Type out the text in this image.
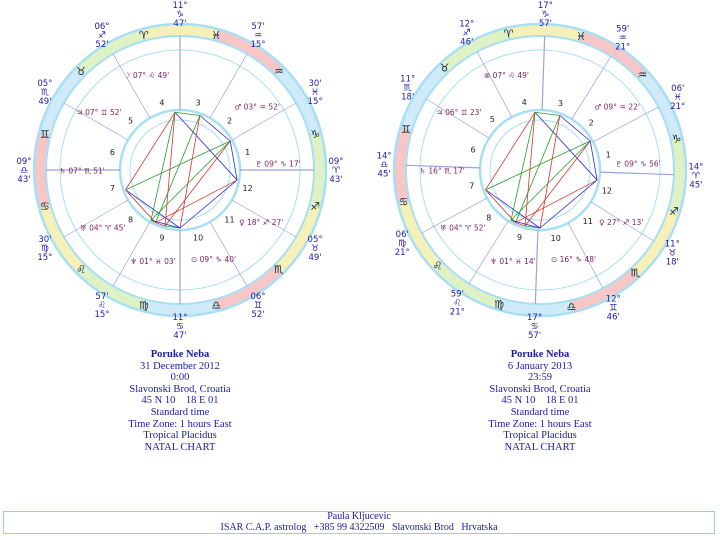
♑
♒
♓
♈
♉
♊
♋
♌
♍	♎
♏
♐
7
8
9	10
11
12
1
2
3
4
5
6
11°
♋
47'
06°
♊
52'
05°
♉
49'
09°
♈
43'
30'
♓
15°
57'
♒
15°
11°
♑
47'
06°
♐
52'
05°
♏
49'
09°
♎
43'
30'
♍
15°
57'
♌
15°
☽ 07° ♌ 49'
♃ 07° ♊ 52'
♄ 07° ♏ 51'
♅ 04° ♈ 45'
♆ 01° ♓ 03' ⊙ 09° ♑ 40'
♀ 18° ♐ 27'
♇ 09° ♑ 17'
♂ 03° ♒ 52'
Poruke Neba
31 December 2012
0:00
Slavonski Brod, Croatia
45 N 10    18 E 01
Standard time
Time Zone: 1 hours East
Tropical Placidus
NATAL CHART
♑
♒
♓
♈
♉
♊
♋
♌
♍	♎
♏
♐
7
8
9	10
11
12
1
2
3
4
5
6
17°
♋
57'
12°
♊
46'
11°
♉
18'
14°
♈
45'
06'
♓
21°
59'
♒
21°
17°
♑
57'
12°
♐
46'
11°
♏
18'
14°
♎
45'
06'
♍
21°
59'
♌
21°
⊗ 07° ♌ 49'
♃ 06° ♊ 23'
♄ 16° ♏ 17'
♅ 04° ♈ 52'
♆ 01° ♓ 14' ⊙ 16° ♑ 48'
♀ 27° ♐ 13'
♇ 09° ♑ 56'
♂ 09° ♒ 22'
Poruke Neba
6 January 2013
23:59
Slavonski Brod, Croatia
45 N 10    18 E 01
Standard time
Time Zone: 1 hours East
Tropical Placidus
NATAL CHART
Paula Kljucevic
ISAR C.A.P. astrolog   +385 99 4322509   Slavonski Brod   Hrvatska
